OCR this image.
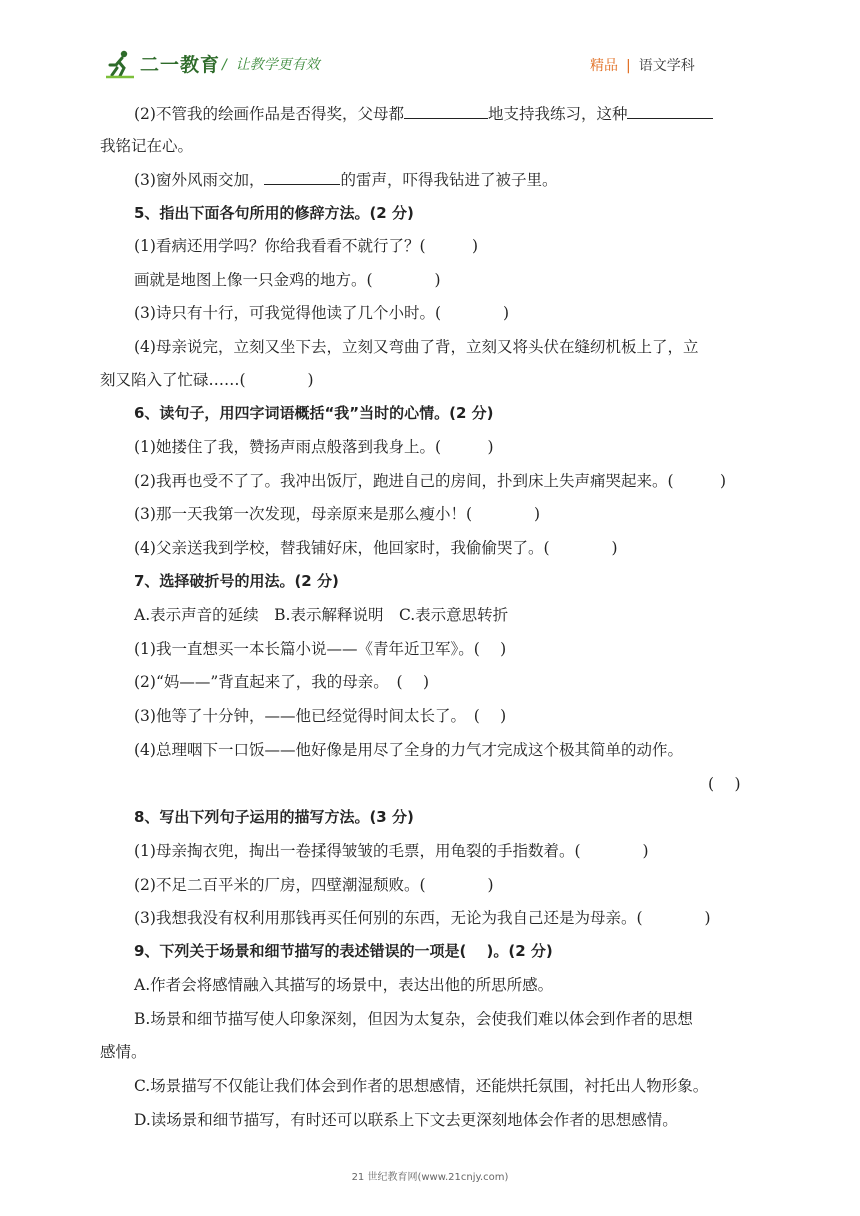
二一教育 / 让教学更有效	精品 | 语文学科
(2)不管我的绘画作品是否得奖，父母都	地支持我练习，这种
我铭记在心。
(3)窗外风雨交加，	的雷声，吓得我钻进了被子里。
5、指出下面各句所用的修辞方法。(2 分)
(1)看病还用学吗？你给我看看不就行了？(　　　)
画就是地图上像一只金鸡的地方。(　　　　)
(3)诗只有十行，可我觉得他读了几个小时。(　　　　)
(4)母亲说完，立刻又坐下去，立刻又弯曲了背，立刻又将头伏在缝纫机板上了，立
刻又陷入了忙碌……(　　　　)
6、读句子，用四字词语概括“我”当时的心情。(2 分)
(1)她搂住了我，赞扬声雨点般落到我身上。(　　　)
(2)我再也受不了了。我冲出饭厅，跑进自己的房间，扑到床上失声痛哭起来。(　　　)
(3)那一天我第一次发现，母亲原来是那么瘦小！(　　　　)
(4)父亲送我到学校，替我铺好床，他回家时，我偷偷哭了。(　　　　)
7、选择破折号的用法。(2 分)
A.表示声音的延续　B.表示解释说明　C.表示意思转折
(1)我一直想买一本长篇小说——《青年近卫军》。(　 )
(2)“妈——”背直起来了，我的母亲。　(　 )
(3)他等了十分钟，——他已经觉得时间太长了。　(　 )
(4)总理咽下一口饭——他好像是用尽了全身的力气才完成这个极其简单的动作。
(　 )
8、写出下列句子运用的描写方法。(3 分)
(1)母亲掏衣兜，掏出一卷揉得皱皱的毛票，用龟裂的手指数着。(　　　　)
(2)不足二百平米的厂房，四壁潮湿颓败。(　　　　)
(3)我想我没有权利用那钱再买任何别的东西，无论为我自己还是为母亲。(　　　　)
9、下列关于场景和细节描写的表述错误的一项是(　 )。(2 分)
A.作者会将感情融入其描写的场景中，表达出他的所思所感。
B.场景和细节描写使人印象深刻，但因为太复杂，会使我们难以体会到作者的思想
感情。
C.场景描写不仅能让我们体会到作者的思想感情，还能烘托氛围，衬托出人物形象。
D.读场景和细节描写，有时还可以联系上下文去更深刻地体会作者的思想感情。
21 世纪教育网(www.21cnjy.com)
